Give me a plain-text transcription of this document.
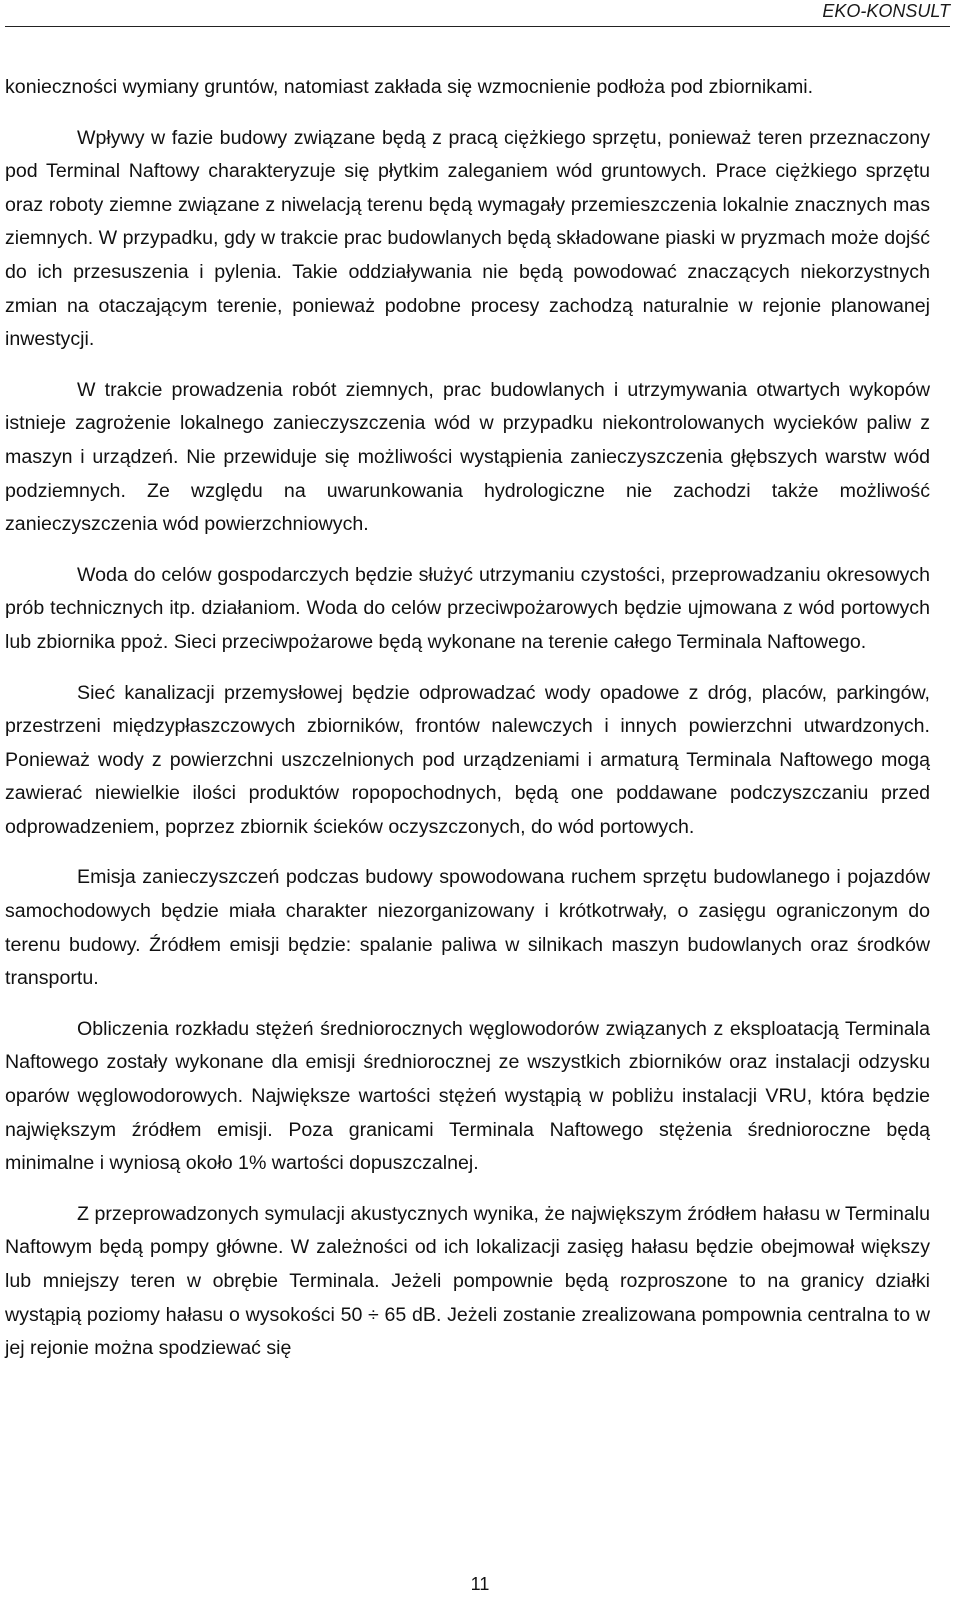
EKO-KONSULT

konieczności wymiany gruntów, natomiast zakłada się wzmocnienie podłoża pod zbiornikami.

Wpływy w fazie budowy związane będą z pracą ciężkiego sprzętu, ponieważ teren przeznaczony pod Terminal Naftowy charakteryzuje się płytkim zaleganiem wód gruntowych. Prace ciężkiego sprzętu oraz roboty ziemne związane z niwelacją terenu będą wymagały przemieszczenia lokalnie znacznych mas ziemnych. W przypadku, gdy w trakcie prac budowlanych będą składowane piaski w pryzmach może dojść do ich przesuszenia i pylenia. Takie oddziaływania nie będą powodować znaczących niekorzystnych zmian na otaczającym terenie, ponieważ podobne procesy zachodzą naturalnie w rejonie planowanej inwestycji.

W trakcie prowadzenia robót ziemnych, prac budowlanych i utrzymywania otwartych wykopów istnieje zagrożenie lokalnego zanieczyszczenia wód w przypadku niekontrolowanych wycieków paliw z maszyn i urządzeń. Nie przewiduje się możliwości wystąpienia zanieczyszczenia głębszych warstw wód podziemnych. Ze względu na uwarunkowania hydrologiczne nie zachodzi także możliwość zanieczyszczenia wód powierzchniowych.

Woda do celów gospodarczych będzie służyć utrzymaniu czystości, przeprowadzaniu okresowych prób technicznych itp. działaniom. Woda do celów przeciwpożarowych będzie ujmowana z wód portowych lub zbiornika ppoż. Sieci przeciwpożarowe będą wykonane na terenie całego Terminala Naftowego.

Sieć kanalizacji przemysłowej będzie odprowadzać wody opadowe z dróg, placów, parkingów, przestrzeni międzypłaszczowych zbiorników, frontów nalewczych i innych powierzchni utwardzonych. Ponieważ wody z powierzchni uszczelnionych pod urządzeniami i armaturą Terminala Naftowego mogą zawierać niewielkie ilości produktów ropopochodnych, będą one poddawane podczyszczaniu przed odprowadzeniem, poprzez zbiornik ścieków oczyszczonych, do wód portowych.

Emisja zanieczyszczeń podczas budowy spowodowana ruchem sprzętu budowlanego i pojazdów samochodowych będzie miała charakter niezorganizowany i krótkotrwały, o zasięgu ograniczonym do terenu budowy. Źródłem emisji będzie: spalanie paliwa w silnikach maszyn budowlanych oraz środków transportu.

Obliczenia rozkładu stężeń średniorocznych węglowodorów związanych z eksploatacją Terminala Naftowego zostały wykonane dla emisji średniorocznej ze wszystkich zbiorników oraz instalacji odzysku oparów węglowodorowych. Największe wartości stężeń wystąpią w pobliżu instalacji VRU, która będzie największym źródłem emisji. Poza granicami Terminala Naftowego stężenia średnioroczne będą minimalne i wyniosą około 1% wartości dopuszczalnej.

Z przeprowadzonych symulacji akustycznych wynika, że największym źródłem hałasu w Terminalu Naftowym będą pompy główne. W zależności od ich lokalizacji zasięg hałasu będzie obejmował większy lub mniejszy teren w obrębie Terminala. Jeżeli pompownie będą rozproszone to na granicy działki wystąpią poziomy hałasu o wysokości 50 ÷ 65 dB. Jeżeli zostanie zrealizowana pompownia centralna to w jej rejonie można spodziewać się

11
